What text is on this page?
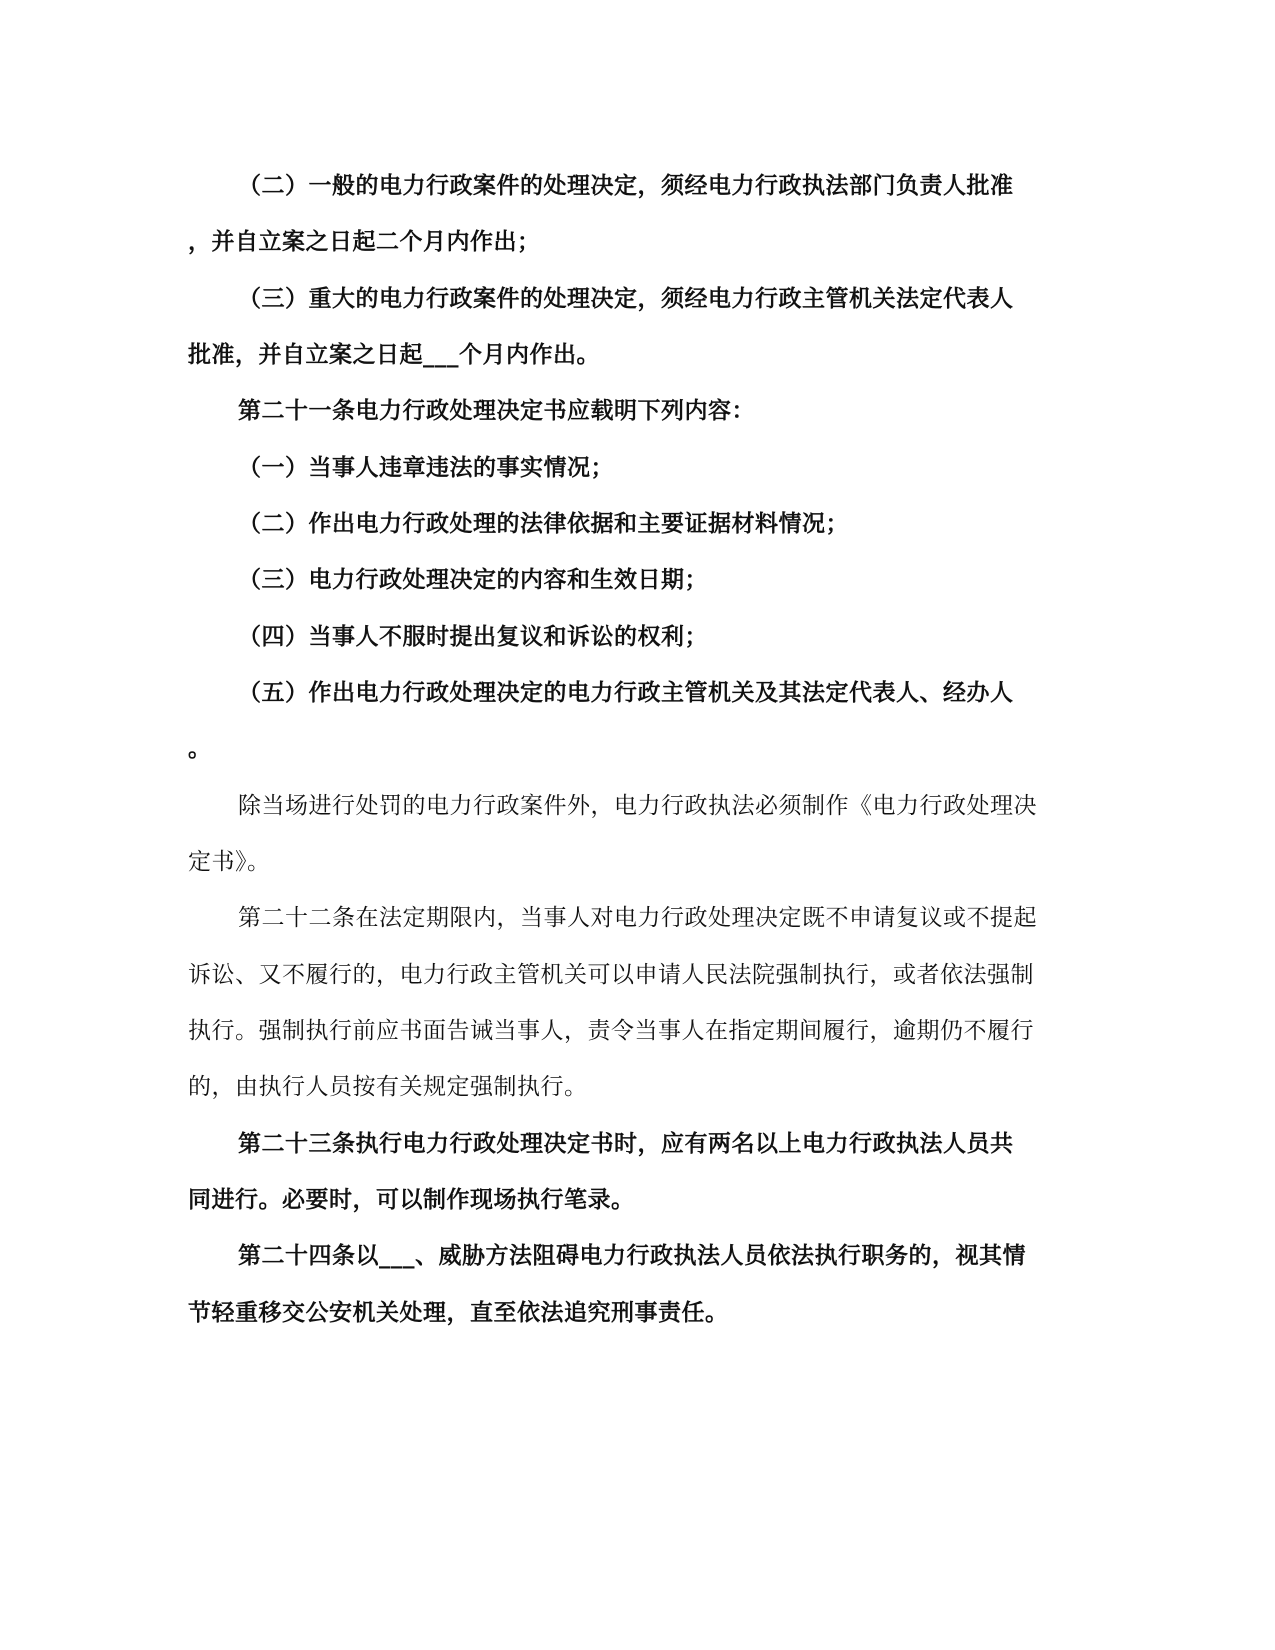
（二）一般的电力行政案件的处理决定，须经电力行政执法部门负责人批准
，并自立案之日起二个月内作出；
（三）重大的电力行政案件的处理决定，须经电力行政主管机关法定代表人
批准，并自立案之日起___个月内作出。
第二十一条电力行政处理决定书应载明下列内容：
（一）当事人违章违法的事实情况；
（二）作出电力行政处理的法律依据和主要证据材料情况；
（三）电力行政处理决定的内容和生效日期；
（四）当事人不服时提出复议和诉讼的权利；
（五）作出电力行政处理决定的电力行政主管机关及其法定代表人、经办人
。
除当场进行处罚的电力行政案件外，电力行政执法必须制作《电力行政处理决
定书》。
第二十二条在法定期限内，当事人对电力行政处理决定既不申请复议或不提起
诉讼、又不履行的，电力行政主管机关可以申请人民法院强制执行，或者依法强制
执行。强制执行前应书面告诫当事人，责令当事人在指定期间履行，逾期仍不履行
的，由执行人员按有关规定强制执行。
第二十三条执行电力行政处理决定书时，应有两名以上电力行政执法人员共
同进行。必要时，可以制作现场执行笔录。
第二十四条以___、威胁方法阻碍电力行政执法人员依法执行职务的，视其情
节轻重移交公安机关处理，直至依法追究刑事责任。
